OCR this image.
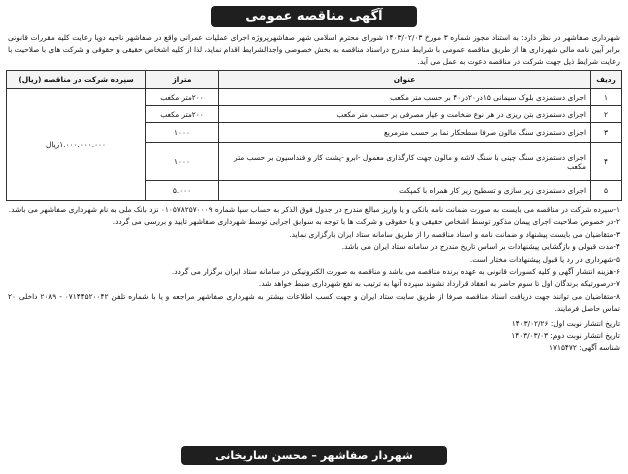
آگهی مناقصه عمومی
شهرداری صفاشهر در نظر دارد: به استناد مجوز شماره ۳ مورخ ۱۴۰۳/۰۲/۰۳ شورای محترم اسلامی شهر صفاشهرپروژه اجرای عملیات عمرانی واقع در صفاشهر ناحیه دویا رعایت کلیه مقررات قانونی برابر آیین نامه مالی شهرداری ها از طریق مناقصه عمومی با شرایط مندرج دراسناد مناقصه به بخش خصوصی واجدالشرایط اقدام نماید، لذا از کلیه اشخاص حقیقی و حقوقی و شرکت های با صلاحیت با رعایت شرایط ذیل جهت شرکت در مناقصه دعوت به عمل می آید.
ردیف	عنوان	متراژ	سپرده شرکت در مناقصه (ریال)
۱	اجرای دستمزدی بلوک سیمانی ۱۵در۲۰در۴۰ بر حسب متر مکعب	۲۰۰متر مکعب	۱.۰۰۰.۰۰۰.۰۰۰ریال
۲	اجرای دستمزدی بتن ریزی در هر نوع ضخامت و عیار مصرفی بر حسب متر مکعب	۲۰۰متر مکعب	
۳	اجرای دستمزدی سنگ مالون صرفا سطحکار نما بر حسب مترمربع	۱۰۰۰	
۴	اجرای دستمزدی سنگ چینی با سنگ لاشه و مالون جهت کارگذاری معمول -ابرو -پشت کار و فنداسیون بر حسب متر مکعب	۱۰۰۰	
۵	اجرای دستمزدی زیر سازی و تسطیح زیر کار همراه با کمپکت	۵.۰۰۰	

۱-سپرده شرکت در مناقصه می بایست به صورت ضمانت نامه بانکی و یا واریز مبالغ مندرج در جدول فوق الذکر به حساب سپا شماره ۰۱۰۵۷۸۲۵۷۰۰۰۹ نزد بانک ملی به نام شهرداری صفاشهر می باشد.

۲-در خصوص صلاحیت اجرای پیمان مذکور توسط اشخاص حقیقی و یا حقوقی و شرکت ها با توجه به سوابق اجرایی توسط شهرداری صفاشهر تایید و بررسی می گردد.

۳-متقاضیان می بایست پیشنهاد و ضمانت نامه و اسناد مناقصه را از طریق سامانه ستاد ایران بارگزاری نماید.

۴-مدت قبولی و بازگشایی پیشنهادات بر اساس تاریخ مندرج در سامانه ستاد ایران می باشد.

۵-شهرداری در رد یا قبول پیشنهادات مختار است.

۶-هزینه انتشار آگهی و کلیه کسورات قانونی به عهده برنده مناقصه می باشد و مناقصه به صورت الکترونیکی در سامانه ستاد ایران برگزار می گردد.

۷-درصورتیکه برندگان اول تا سوم حاضر به انعقاد قرارداد نشوند سپرده آنها به ترتیب به نفع شهرداری ضبط خواهد شد.

۸-متقاضیان می توانند جهت دریافت اسناد مناقصه صرفا از طریق سایت ستاد ایران و جهت کسب اطلاعات بیشتر به شهرداری صفاشهر مراجعه و یا با شماره تلفن ۰۷۱۴۴۵۲۰۰۴۲ - ۲۰۸۹ داخلی ۲۰ تماس حاصل فرمایند.

تاریخ انتشار نوبت اول: ۱۴۰۳/۰۲/۲۶
تاریخ انتشار نوبت دوم: ۱۴۰۳/۰۳/۰۳
شناسه آگهی: ۱۷۱۵۴۷۲
شهردار صفاشهر – محسن ساریخانی
